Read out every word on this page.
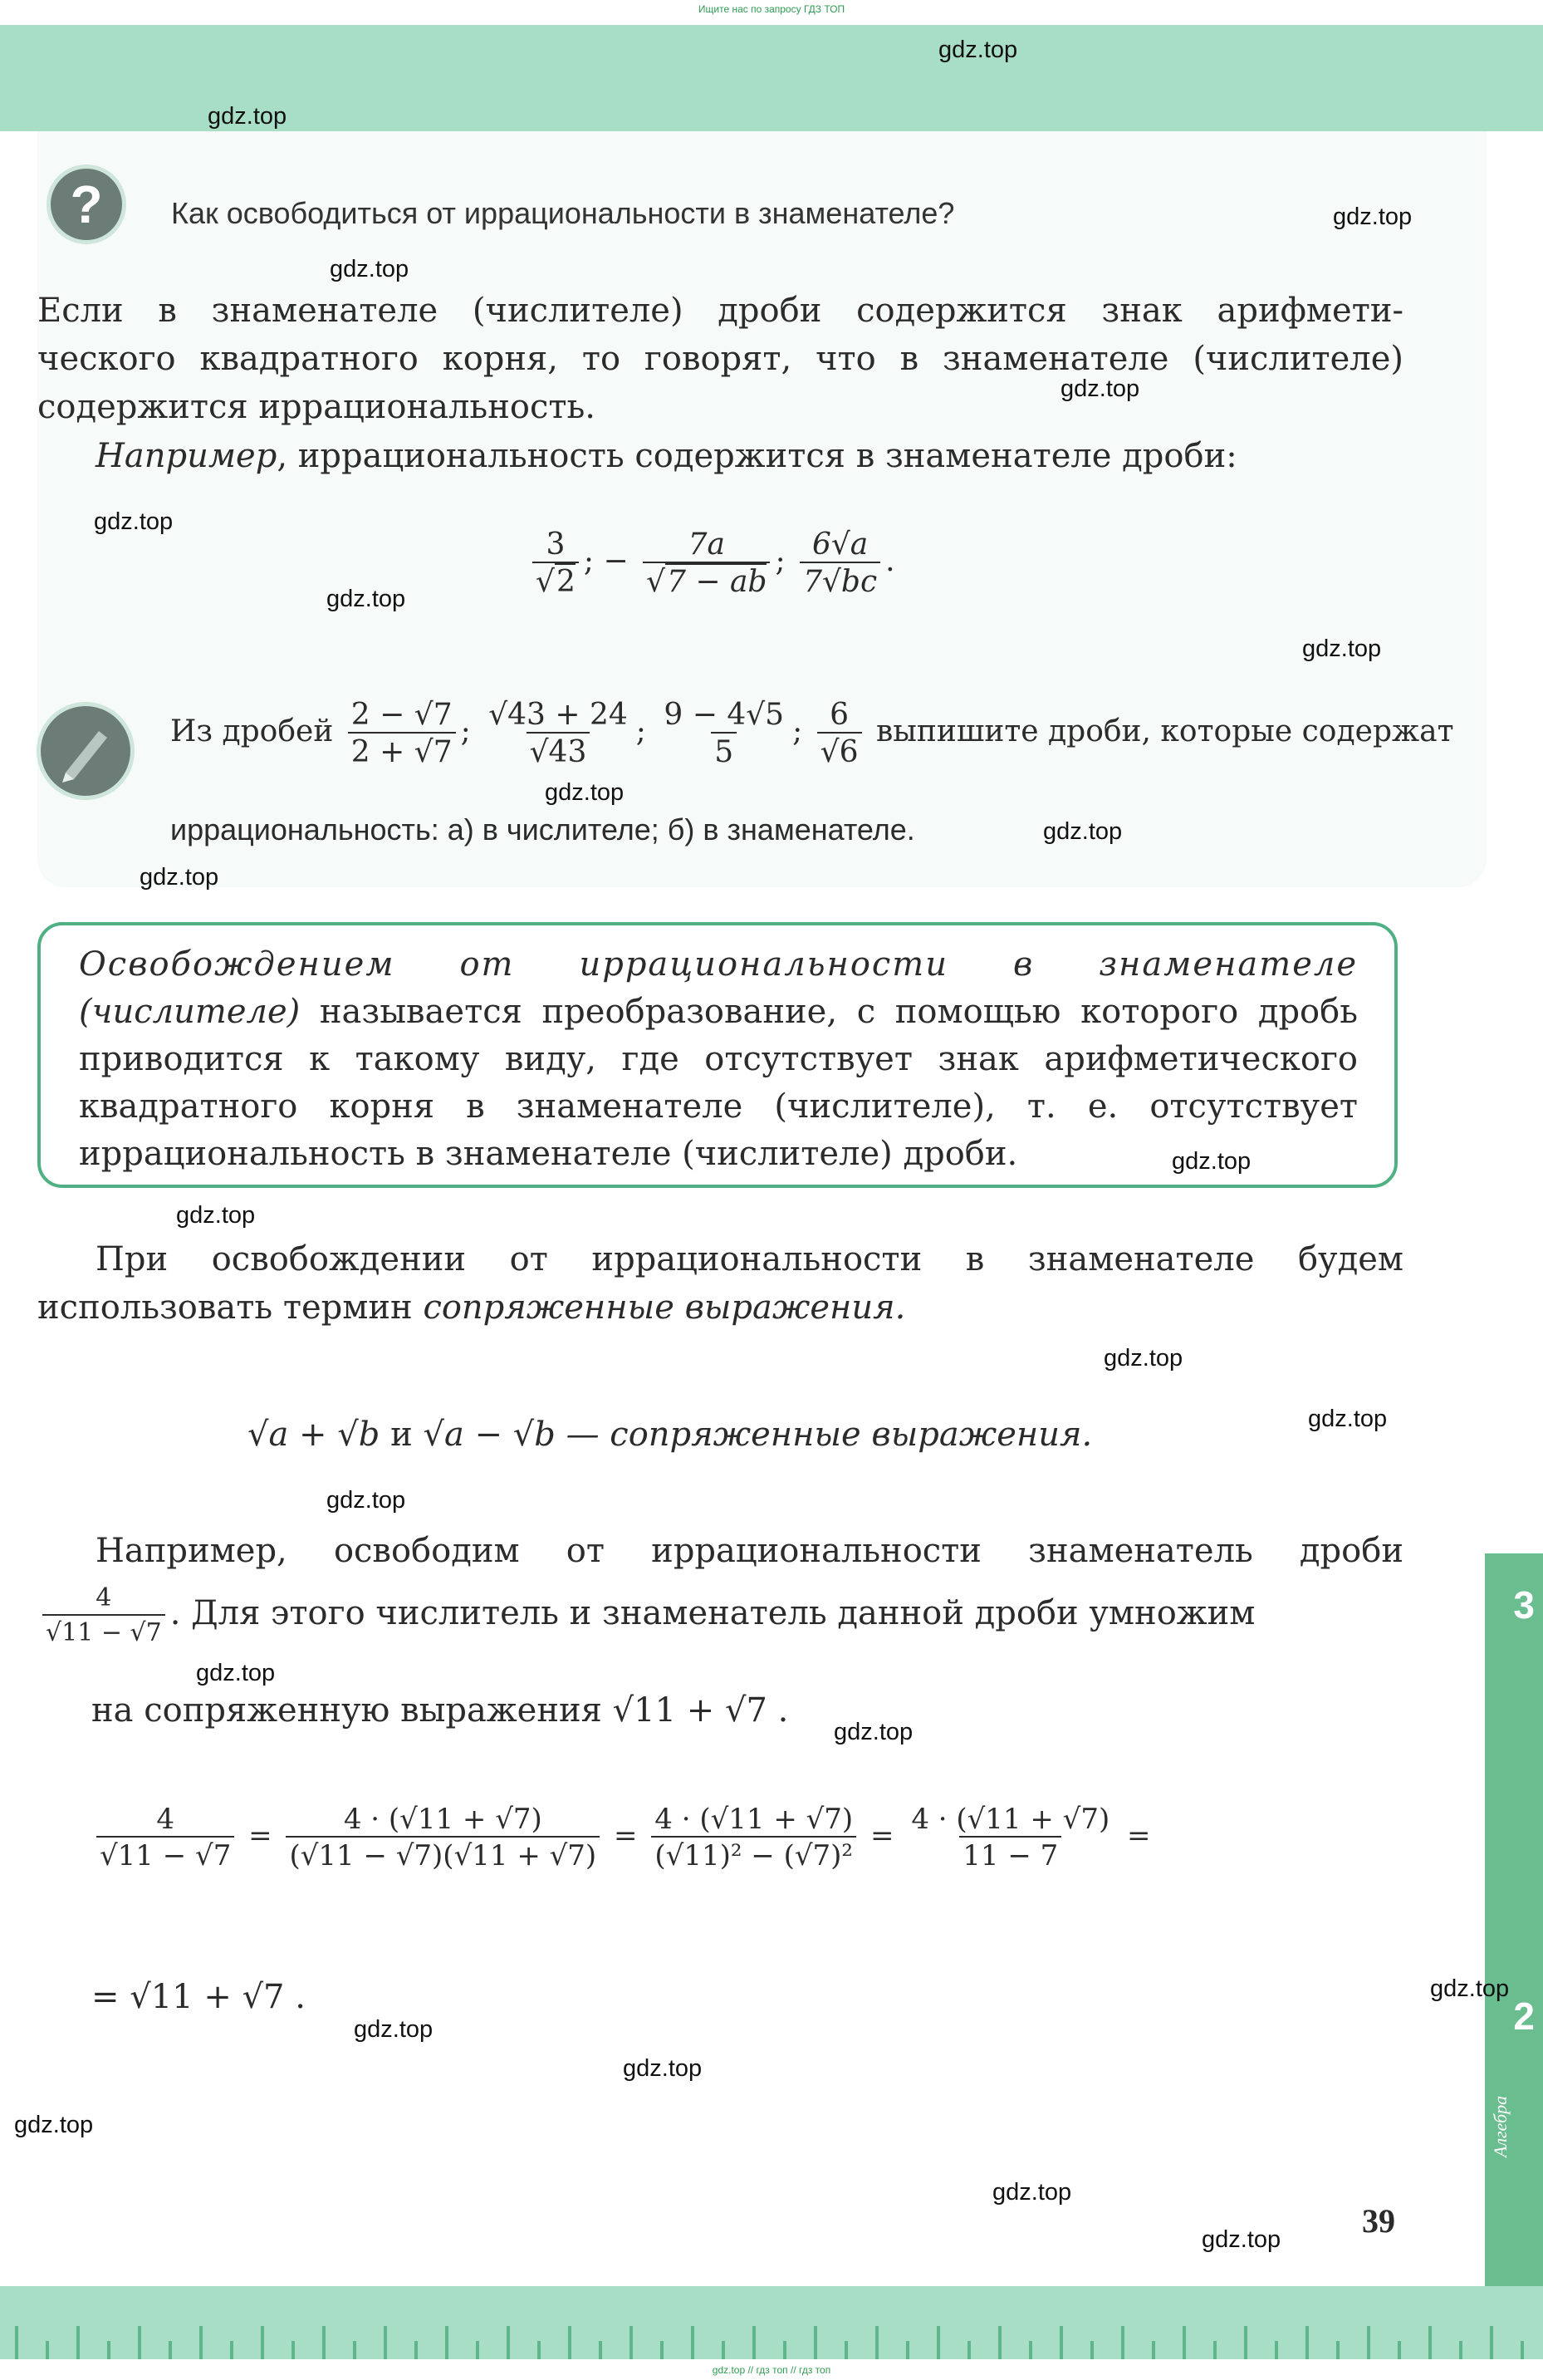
Ищите нас по запросу ГДЗ ТОП
?	Как освободиться от иррациональности в знаменателе?
Если в знаменателе (числителе) дроби содержится знак арифмети-
ческого квадратного корня, то говорят, что в знаменателе (числителе)
содержится иррациональность.
Например, иррациональность содержится в знаменателе дроби:
$\frac{3}{√2}$ ; − $\frac{7a}{√7 - ab}$ ; $\frac{6√a}{7√bc}$ .
Из дробей $\frac{2 - √7}{2 + √7}$ ; $\frac{√43 + 24}{√43}$ ; $\frac{9 - 4√5}{5}$ ; $\frac{6}{√6}$ выпишите дроби, которые содержат
иррациональность: а) в числителе; б) в знаменателе.
Освобождением от иррациональности в знаменателе
(числителе) называется преобразование, с помощью которого дробь
приводится к такому виду, где отсутствует знак арифметического
квадратного корня в знаменателе (числителе), т. е. отсутствует
иррациональность в знаменателе (числителе) дроби.
При освобождении от иррациональности в знаменателе будем
использовать термин сопряженные выражения.
√a + √b и √a − √b — сопряженные выражения.
Например, освободим от иррациональности знаменатель дроби
$\frac{4}{√11 - √7}$ . Для этого числитель и знаменатель данной дроби умножим
на сопряженную выражения √11 + √7 .
$\frac{4}{√11 - √7} = \frac{4 \cdot (√11 + √7)}{(√11 - √7)(√11 + √7)} = \frac{4 \cdot (√11 + √7)}{\text{(√11)² − (√7)²}} = \frac{4 \cdot (√11 + √7)}{11 - 7}$ =
= √11 + √7 .
3
2
Алгебра
39
gdz.top // гдз топ // гдз топ
gdz.top
gdz.top
gdz.top
gdz.top
gdz.top
gdz.top
gdz.top
gdz.top
gdz.top
gdz.top
gdz.top
gdz.top
gdz.top
gdz.top
gdz.top
gdz.top
gdz.top
gdz.top
gdz.top
gdz.top
gdz.top
gdz.top
gdz.top
gdz.top
